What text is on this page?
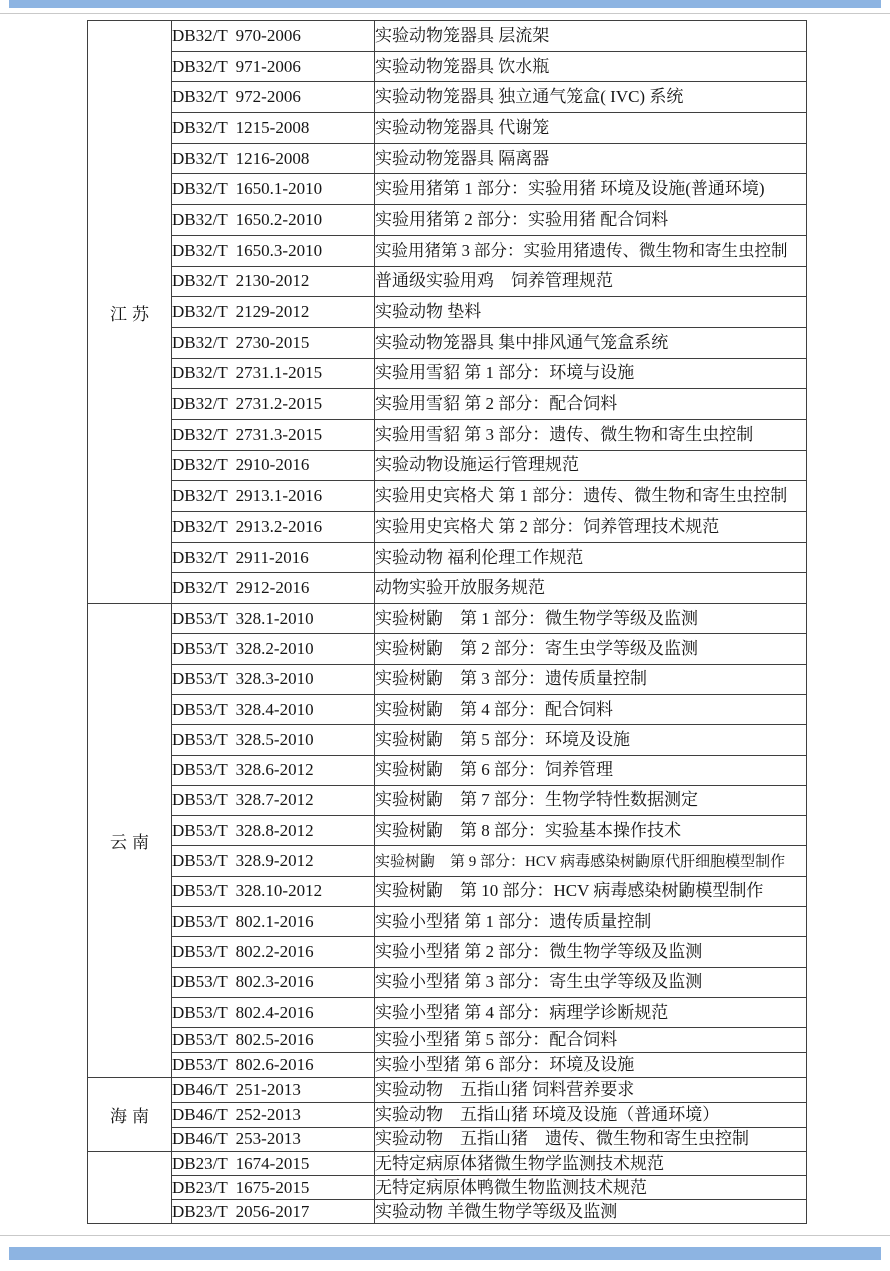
江苏	DB32/T 970-2006	实验动物笼器具 层流架
	DB32/T 971-2006	实验动物笼器具 饮水瓶
	DB32/T 972-2006	实验动物笼器具 独立通气笼盒( IVC) 系统
	DB32/T 1215-2008	实验动物笼器具 代谢笼
	DB32/T 1216-2008	实验动物笼器具 隔离器
	DB32/T 1650.1-2010	实验用猪第 1 部分：实验用猪 环境及设施(普通环境)
	DB32/T 1650.2-2010	实验用猪第 2 部分：实验用猪 配合饲料
	DB32/T 1650.3-2010	实验用猪第 3 部分：实验用猪遗传、微生物和寄生虫控制
	DB32/T 2130-2012	普通级实验用鸡　饲养管理规范
	DB32/T 2129-2012	实验动物 垫料
	DB32/T 2730-2015	实验动物笼器具 集中排风通气笼盒系统
	DB32/T 2731.1-2015	实验用雪貂 第 1 部分：环境与设施
	DB32/T 2731.2-2015	实验用雪貂 第 2 部分：配合饲料
	DB32/T 2731.3-2015	实验用雪貂 第 3 部分：遗传、微生物和寄生虫控制
	DB32/T 2910-2016	实验动物设施运行管理规范
	DB32/T 2913.1-2016	实验用史宾格犬 第 1 部分：遗传、微生物和寄生虫控制
	DB32/T 2913.2-2016	实验用史宾格犬 第 2 部分：饲养管理技术规范
	DB32/T 2911-2016	实验动物 福利伦理工作规范
	DB32/T 2912-2016	动物实验开放服务规范
云南	DB53/T 328.1-2010	实验树鼩　第 1 部分：微生物学等级及监测
	DB53/T 328.2-2010	实验树鼩　第 2 部分：寄生虫学等级及监测
	DB53/T 328.3-2010	实验树鼩　第 3 部分：遗传质量控制
	DB53/T 328.4-2010	实验树鼩　第 4 部分：配合饲料
	DB53/T 328.5-2010	实验树鼩　第 5 部分：环境及设施
	DB53/T 328.6-2012	实验树鼩　第 6 部分：饲养管理
	DB53/T 328.7-2012	实验树鼩　第 7 部分：生物学特性数据测定
	DB53/T 328.8-2012	实验树鼩　第 8 部分：实验基本操作技术
	DB53/T 328.9-2012	实验树鼩　第 9 部分：HCV 病毒感染树鼩原代肝细胞模型制作
	DB53/T 328.10-2012	实验树鼩　第 10 部分：HCV 病毒感染树鼩模型制作
	DB53/T 802.1-2016	实验小型猪 第 1 部分：遗传质量控制
	DB53/T 802.2-2016	实验小型猪 第 2 部分：微生物学等级及监测
	DB53/T 802.3-2016	实验小型猪 第 3 部分：寄生虫学等级及监测
	DB53/T 802.4-2016	实验小型猪 第 4 部分：病理学诊断规范
	DB53/T 802.5-2016	实验小型猪 第 5 部分：配合饲料
	DB53/T 802.6-2016	实验小型猪 第 6 部分：环境及设施
海南	DB46/T 251-2013	实验动物　五指山猪 饲料营养要求
	DB46/T 252-2013	实验动物　五指山猪 环境及设施（普通环境）
	DB46/T 253-2013	实验动物　五指山猪　遗传、微生物和寄生虫控制
	DB23/T 1674-2015	无特定病原体猪微生物学监测技术规范
	DB23/T 1675-2015	无特定病原体鸭微生物监测技术规范
	DB23/T 2056-2017	实验动物 羊微生物学等级及监测
